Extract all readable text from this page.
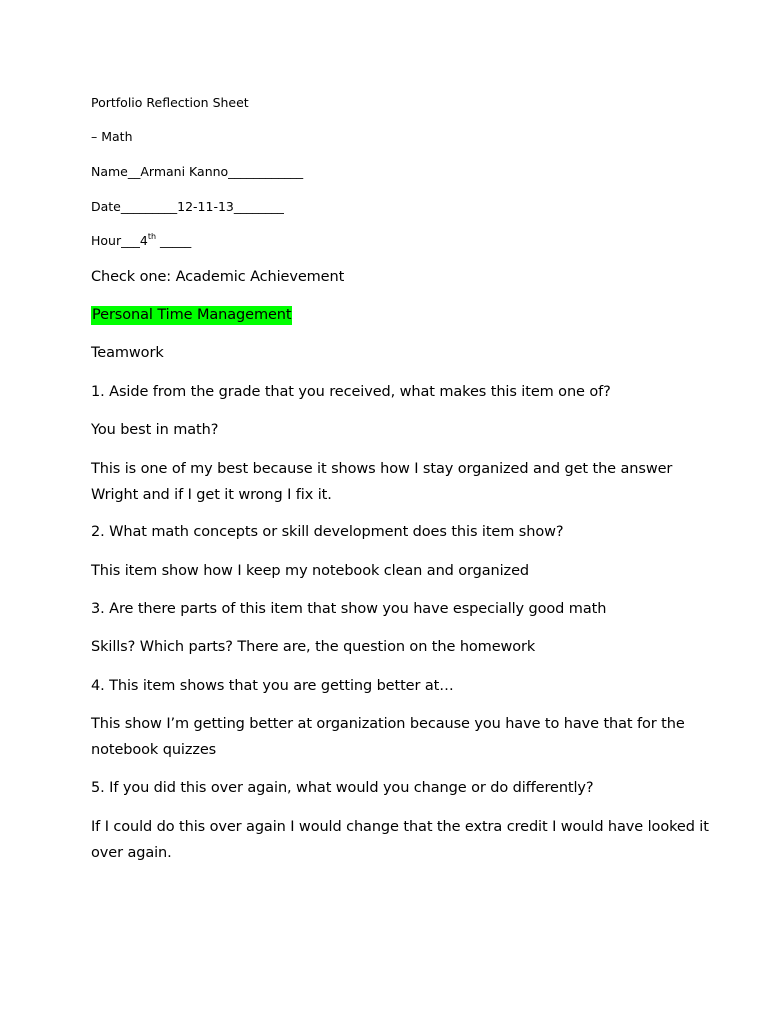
Portfolio Reflection Sheet
– Math
Name__Armani Kanno____________
Date_________12-11-13________
Hour___4th _____
Check one: Academic Achievement
Personal Time Management
Teamwork
1. Aside from the grade that you received, what makes this item one of?
You best in math?
This is one of my best because it shows how I stay organized and get the answer Wright and if I get it wrong I fix it.
2. What math concepts or skill development does this item show?
This item show how I keep my notebook clean and organized
3. Are there parts of this item that show you have especially good math
Skills? Which parts? There are, the question on the homework
4. This item shows that you are getting better at…
This show I’m getting better at organization because you have to have that for the notebook quizzes
5. If you did this over again, what would you change or do differently?
If I could do this over again I would change that the extra credit I would have looked it over again.
